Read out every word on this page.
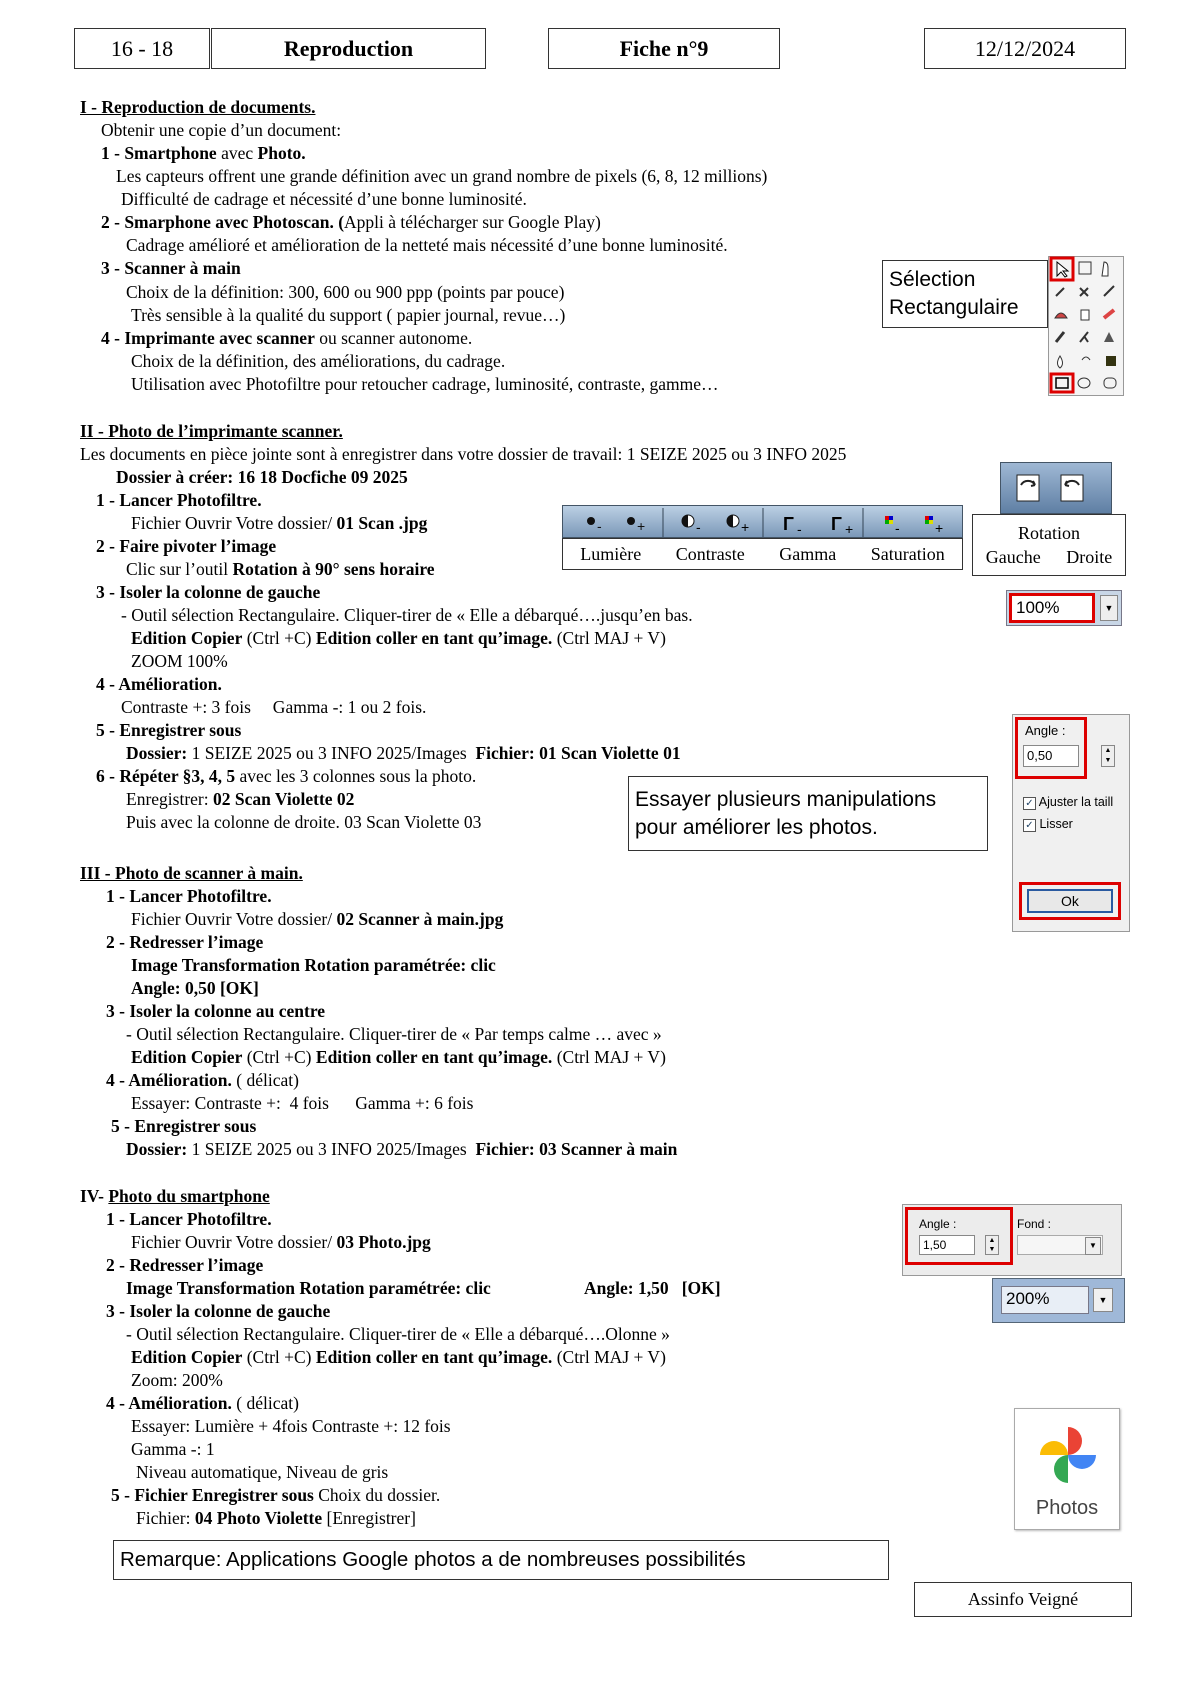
16 - 18	Reproduction	Fiche n°9	12/12/2024
I - Reproduction de documents.
Obtenir une copie d’un document:
1 - Smartphone avec Photo.
Les capteurs offrent une grande définition avec un grand nombre de pixels (6, 8, 12 millions)
Difficulté de cadrage et nécessité d’une bonne luminosité.
2 - Smarphone avec Photoscan. (Appli à télécharger sur Google Play)
Cadrage amélioré et amélioration de la netteté mais nécessité d’une bonne luminosité.
3 - Scanner à main
Choix de la définition: 300, 600 ou 900 ppp (points par pouce)
Très sensible à la qualité du support ( papier journal, revue…)
4 - Imprimante avec scanner ou scanner autonome.
Choix de la définition, des améliorations, du cadrage.
Utilisation avec Photofiltre pour retoucher cadrage, luminosité, contraste, gamme…
Sélection
Rectangulaire
II - Photo de l’imprimante scanner.
Les documents en pièce jointe sont à enregistrer dans votre dossier de travail: 1 SEIZE 2025 ou 3 INFO 2025
Dossier à créer: 16 18 Docfiche 09 2025
1 - Lancer Photofiltre.
Fichier Ouvrir Votre dossier/ 01 Scan .jpg
2 - Faire pivoter l’image
Clic sur l’outil Rotation à 90° sens horaire
3 - Isoler la colonne de gauche
- Outil sélection Rectangulaire. Cliquer-tirer de « Elle a débarqué….jusqu’en bas.
Edition Copier (Ctrl +C) Edition coller en tant qu’image. (Ctrl MAJ + V)
ZOOM 100%
4 - Amélioration.
Contraste +: 3 fois     Gamma -: 1 ou 2 fois.
5 - Enregistrer sous
Dossier: 1 SEIZE 2025 ou 3 INFO 2025/Images  Fichier: 01 Scan Violette 01
6 - Répéter §3, 4, 5 avec les 3 colonnes sous la photo.
Enregistrer: 02 Scan Violette 02
Puis avec la colonne de droite. 03 Scan Violette 03
-	+	-	+ Γ - Γ +	-	+
Lumière Contraste Gamma Saturation
Rotation
Gauche Droite
100%	▼
Angle :
0,50	▲
▼
✓ Ajuster la taill
✓ Lisser
Ok
Essayer plusieurs manipulations
pour améliorer les photos.
III - Photo de scanner à main.
1 - Lancer Photofiltre.
Fichier Ouvrir Votre dossier/ 02 Scanner à main.jpg
2 - Redresser l’image
Image Transformation Rotation paramétrée: clic
Angle: 0,50 [OK]
3 - Isoler la colonne au centre
- Outil sélection Rectangulaire. Cliquer-tirer de « Par temps calme … avec »
Edition Copier (Ctrl +C) Edition coller en tant qu’image. (Ctrl MAJ + V)
4 - Amélioration. ( délicat)
Essayer: Contraste +:  4 fois      Gamma +: 6 fois
5 - Enregistrer sous
Dossier: 1 SEIZE 2025 ou 3 INFO 2025/Images  Fichier: 03 Scanner à main
IV- Photo du smartphone
1 - Lancer Photofiltre.
Fichier Ouvrir Votre dossier/ 03 Photo.jpg
2 - Redresser l’image
Image Transformation Rotation paramétrée: clic	Angle: 1,50   [OK]
3 - Isoler la colonne de gauche
- Outil sélection Rectangulaire. Cliquer-tirer de « Elle a débarqué….Olonne »
Edition Copier (Ctrl +C) Edition coller en tant qu’image. (Ctrl MAJ + V)
Zoom: 200%
4 - Amélioration. ( délicat)
Essayer: Lumière + 4fois Contraste +: 12 fois
Gamma -: 1
Niveau automatique, Niveau de gris
5 - Fichier Enregistrer sous Choix du dossier.
Fichier: 04 Photo Violette [Enregistrer]
Angle :
1,50	▲
▼
Fond :
▼
200%	▼
Photos
Remarque: Applications Google photos a de nombreuses possibilités
Assinfo Veigné
